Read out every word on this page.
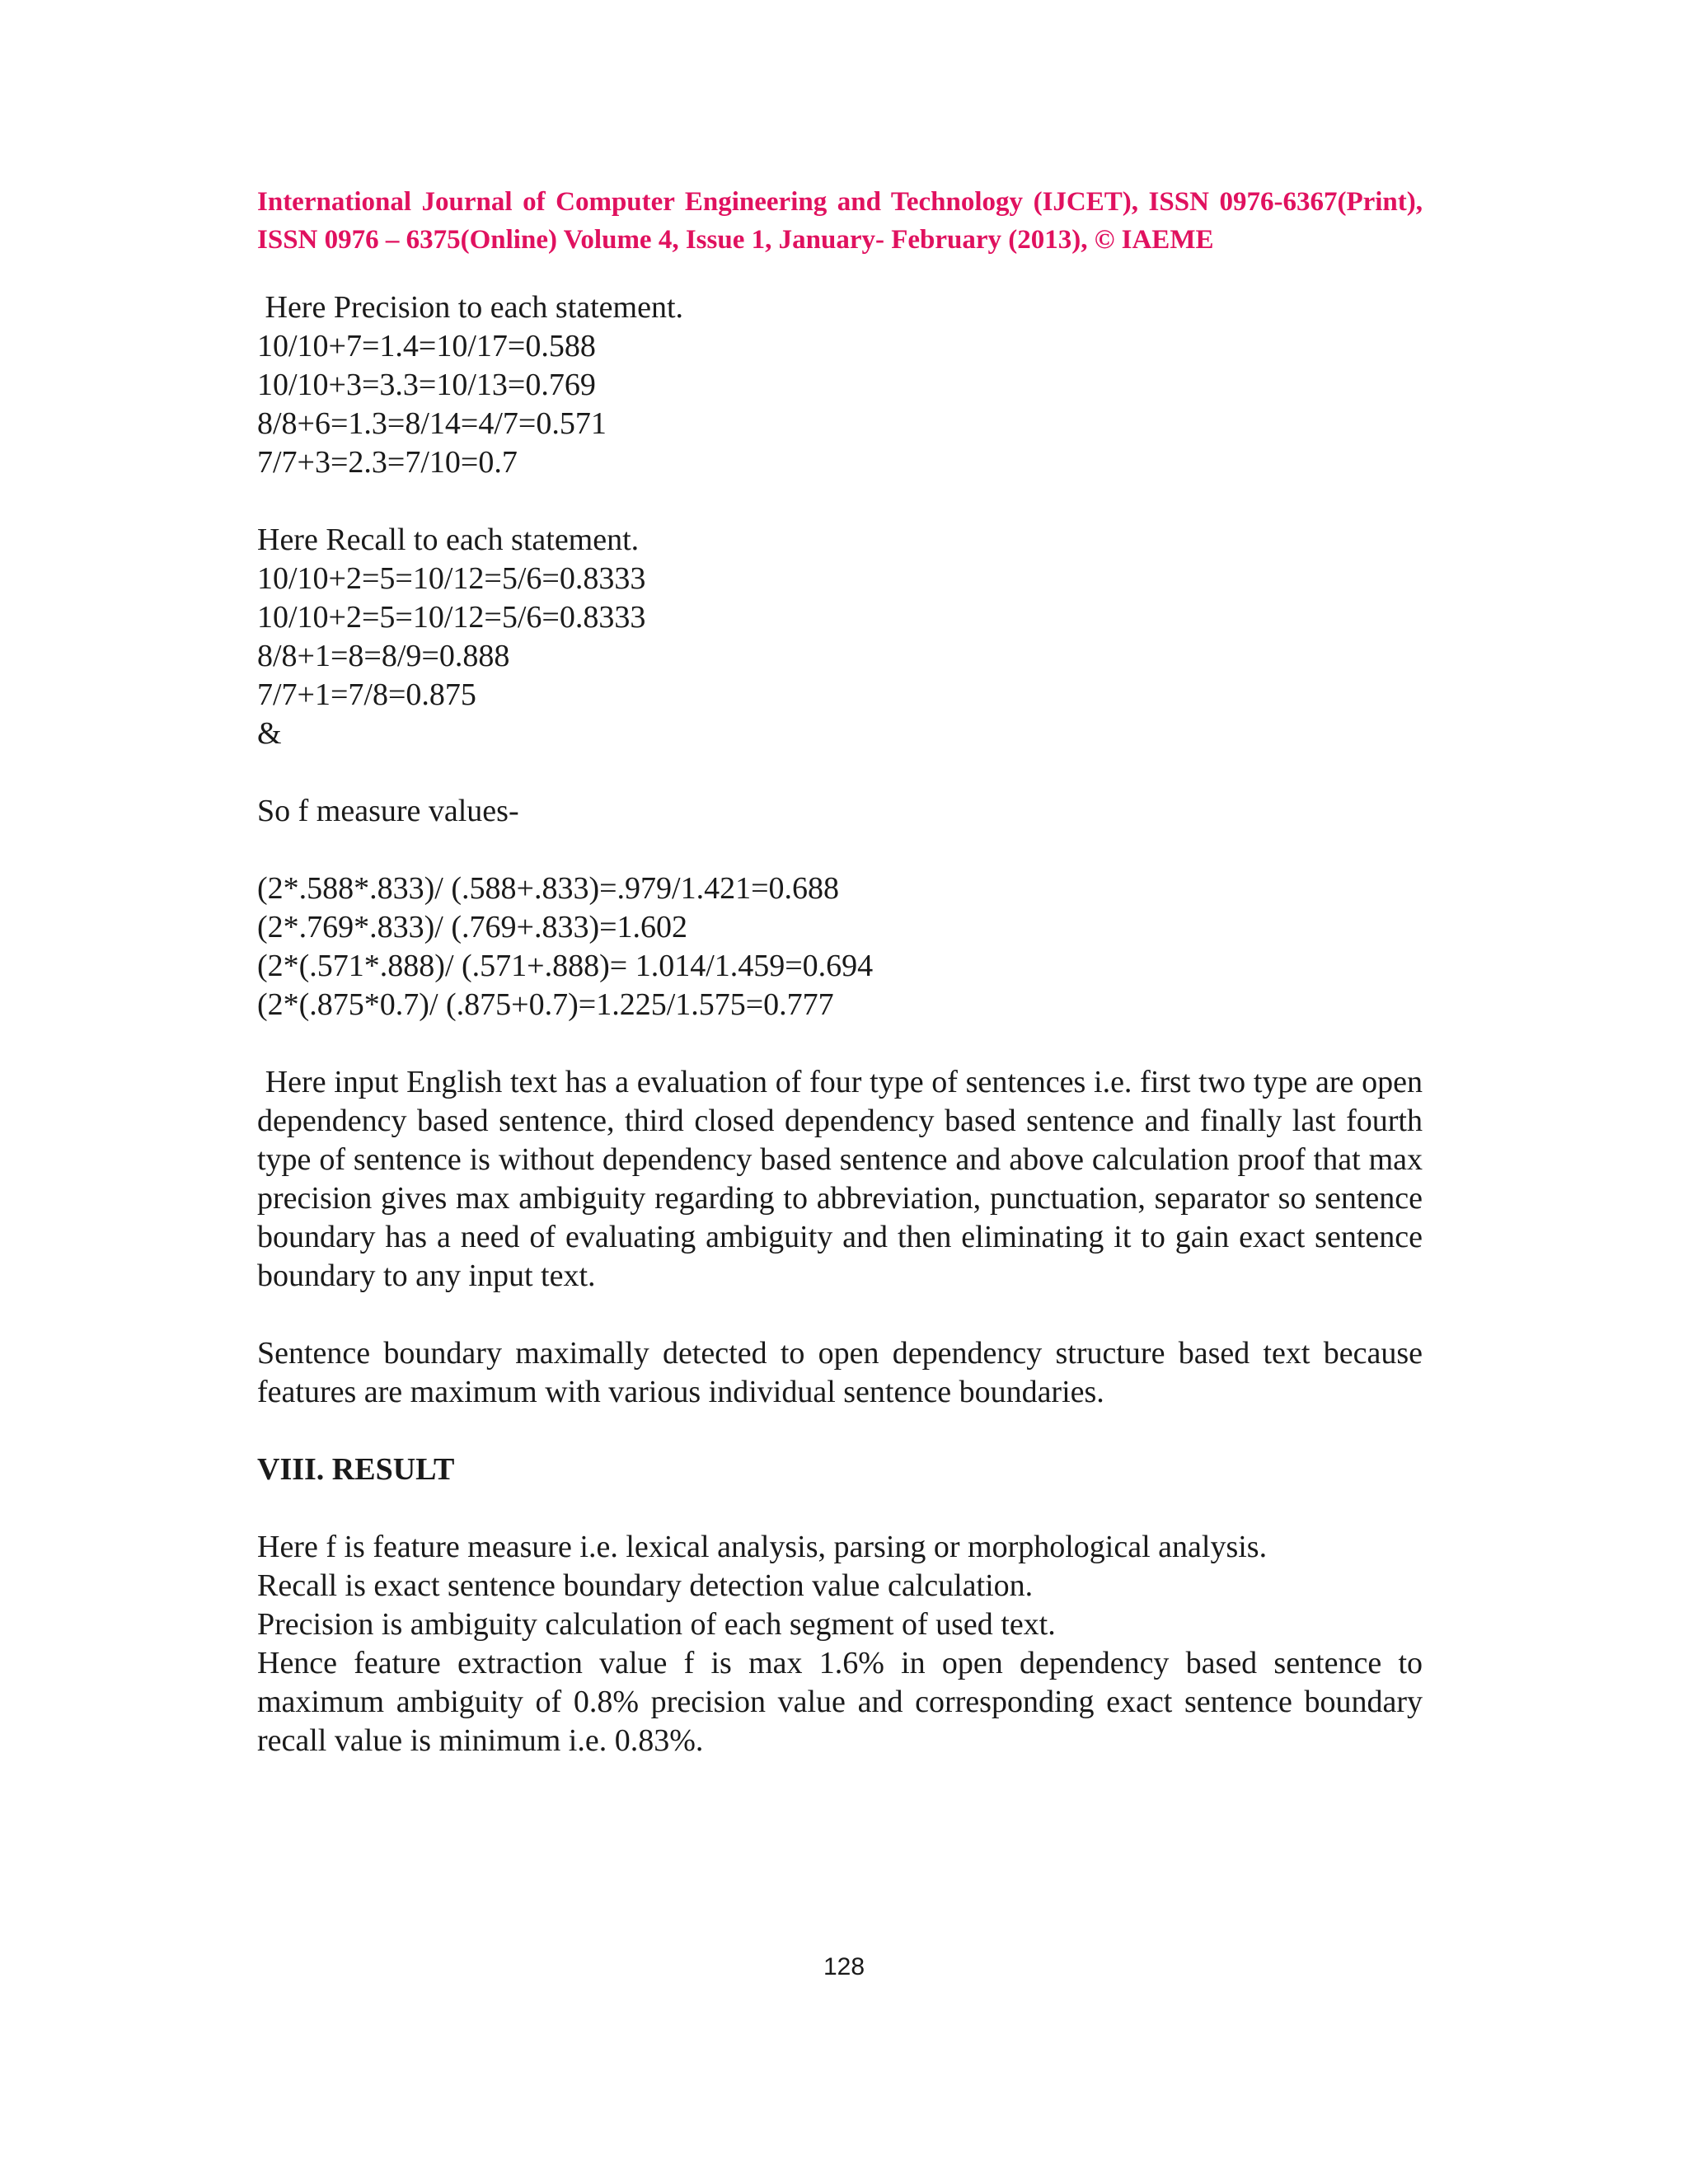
International Journal of Computer Engineering and Technology (IJCET), ISSN 0976-6367(Print), ISSN 0976 – 6375(Online) Volume 4, Issue 1, January- February (2013), © IAEME
Here Precision to each statement.
10/10+7=1.4=10/17=0.588
10/10+3=3.3=10/13=0.769
8/8+6=1.3=8/14=4/7=0.571
7/7+3=2.3=7/10=0.7
Here Recall to each statement.
10/10+2=5=10/12=5/6=0.8333
10/10+2=5=10/12=5/6=0.8333
8/8+1=8=8/9=0.888
7/7+1=7/8=0.875
&
So f measure values-
(2*.588*.833)/ (.588+.833)=.979/1.421=0.688
(2*.769*.833)/ (.769+.833)=1.602
(2*(.571*.888)/ (.571+.888)= 1.014/1.459=0.694
(2*(.875*0.7)/ (.875+0.7)=1.225/1.575=0.777

Here input English text has a evaluation of four type of sentences i.e. first two type are open dependency based sentence, third closed dependency based sentence and finally last fourth type of sentence is without dependency based sentence and above calculation proof that max precision gives max ambiguity regarding to abbreviation, punctuation, separator so sentence boundary has a need of evaluating ambiguity and then eliminating it to gain exact sentence boundary to any input text.

Sentence boundary maximally detected to open dependency structure based text because features are maximum with various individual sentence boundaries.

VIII. RESULT

Here f is feature measure i.e. lexical analysis, parsing or morphological analysis.
Recall is exact sentence boundary detection value calculation.
Precision is ambiguity calculation of each segment of used text.

Hence feature extraction value f is max 1.6% in open dependency based sentence to maximum ambiguity of 0.8% precision value and corresponding exact sentence boundary recall value is minimum i.e. 0.83%.

128
